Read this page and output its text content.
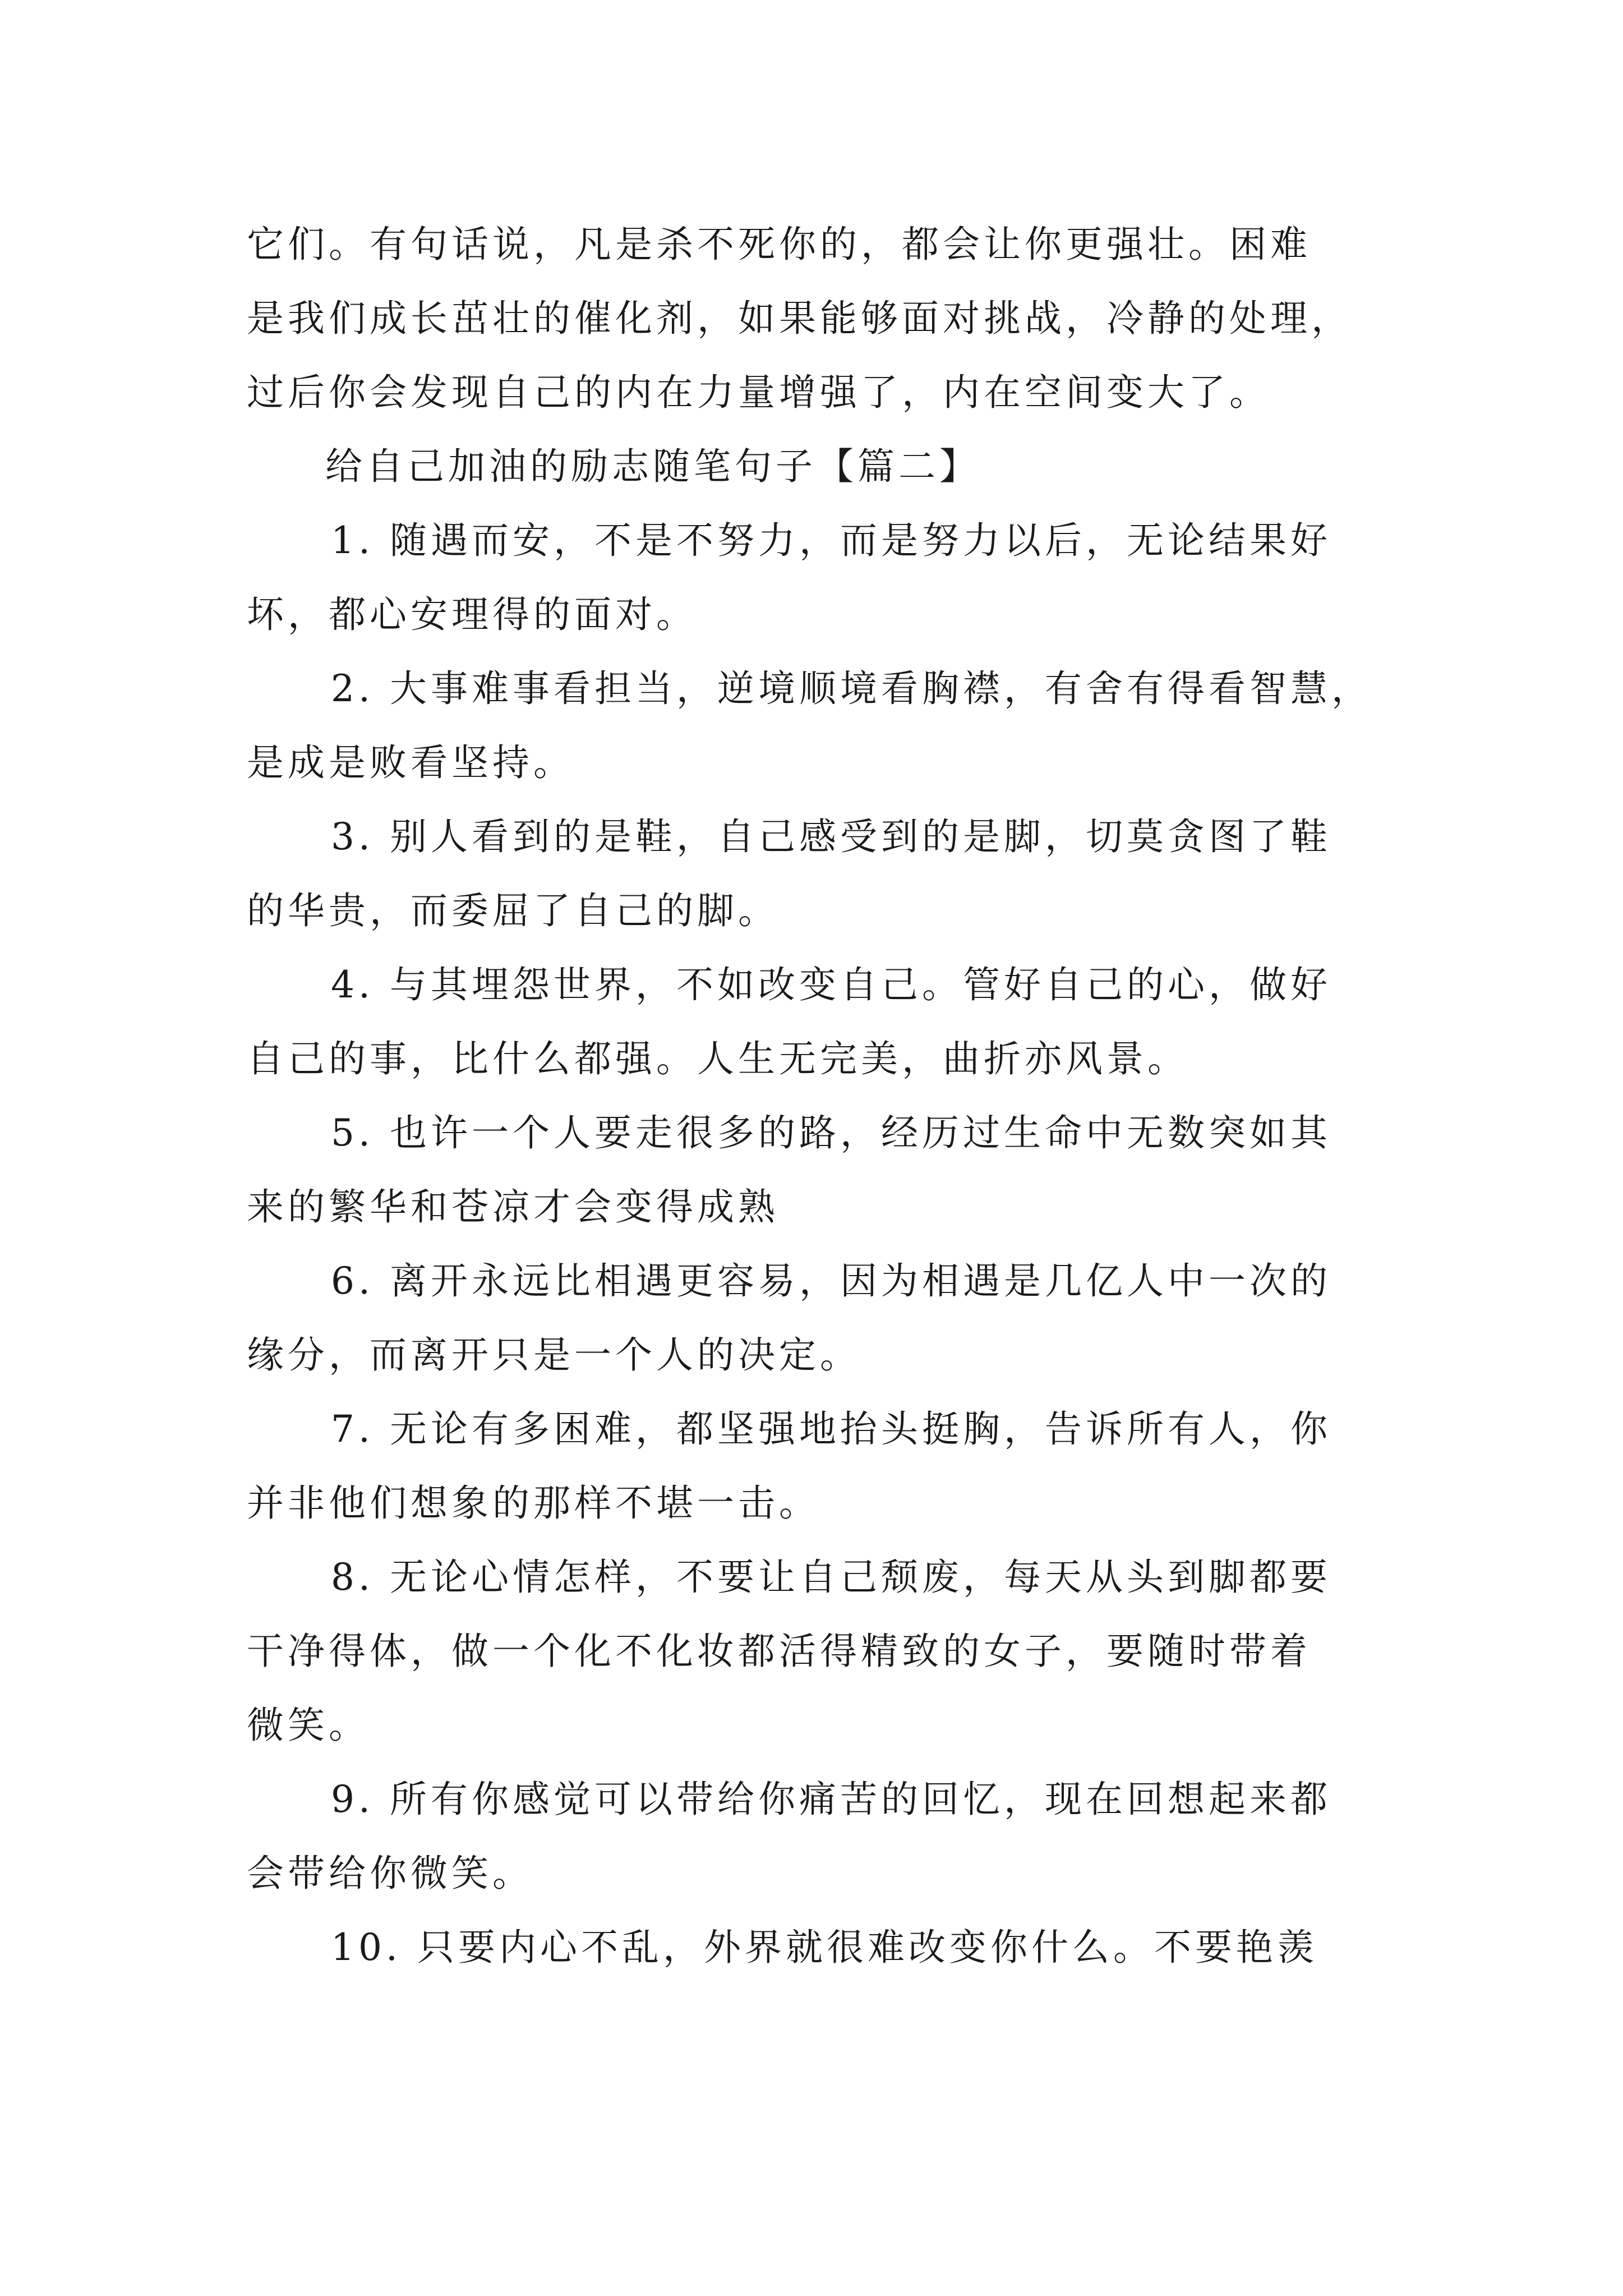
它们。有句话说，凡是杀不死你的，都会让你更强壮。困难
是我们成长茁壮的催化剂，如果能够面对挑战，冷静的处理，
过后你会发现自己的内在力量增强了，内在空间变大了。
给自己加油的励志随笔句子【篇二】
1. 随遇而安，不是不努力，而是努力以后，无论结果好
坏，都心安理得的面对。
2. 大事难事看担当，逆境顺境看胸襟，有舍有得看智慧，
是成是败看坚持。
3. 别人看到的是鞋，自己感受到的是脚，切莫贪图了鞋
的华贵，而委屈了自己的脚。
4. 与其埋怨世界，不如改变自己。管好自己的心，做好
自己的事，比什么都强。人生无完美，曲折亦风景。
5. 也许一个人要走很多的路，经历过生命中无数突如其
来的繁华和苍凉才会变得成熟
6. 离开永远比相遇更容易，因为相遇是几亿人中一次的
缘分，而离开只是一个人的决定。
7. 无论有多困难，都坚强地抬头挺胸，告诉所有人，你
并非他们想象的那样不堪一击。
8. 无论心情怎样，不要让自己颓废，每天从头到脚都要
干净得体，做一个化不化妆都活得精致的女子，要随时带着
微笑。
9. 所有你感觉可以带给你痛苦的回忆，现在回想起来都
会带给你微笑。
10. 只要内心不乱，外界就很难改变你什么。不要艳羡
